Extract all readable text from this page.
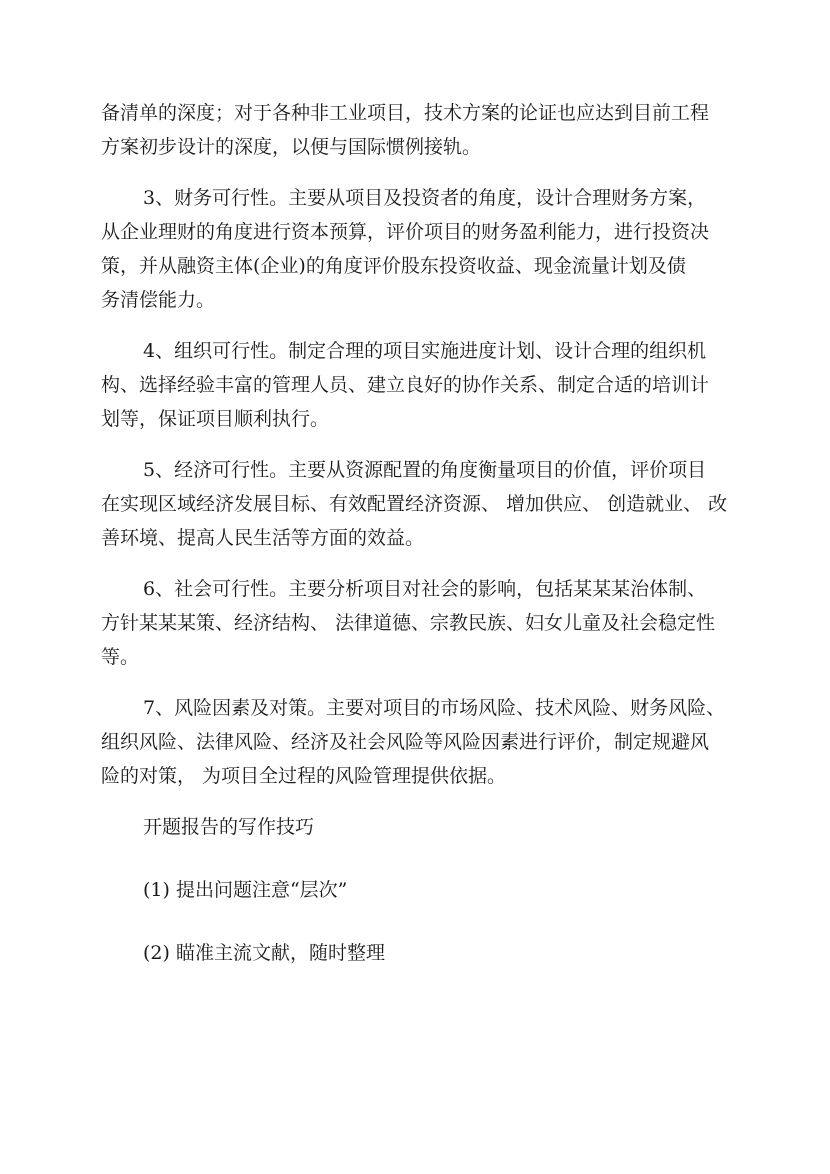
备清单的深度；对于各种非工业项目，技术方案的论证也应达到目前工程
方案初步设计的深度，以便与国际惯例接轨。
3、财务可行性。主要从项目及投资者的角度，设计合理财务方案，
从企业理财的角度进行资本预算，评价项目的财务盈利能力，进行投资决
策，并从融资主体(企业)的角度评价股东投资收益、现金流量计划及债
务清偿能力。
4、组织可行性。制定合理的项目实施进度计划、设计合理的组织机
构、选择经验丰富的管理人员、建立良好的协作关系、制定合适的培训计
划等，保证项目顺利执行。
5、经济可行性。主要从资源配置的角度衡量项目的价值，评价项目
在实现区域经济发展目标、有效配置经济资源、 增加供应、 创造就业、 改
善环境、提高人民生活等方面的效益。
6、社会可行性。主要分析项目对社会的影响，包括某某某治体制、
方针某某某策、经济结构、 法律道德、宗教民族、妇女儿童及社会稳定性
等。
7、风险因素及对策。主要对项目的市场风险、技术风险、财务风险、
组织风险、法律风险、经济及社会风险等风险因素进行评价，制定规避风
险的对策， 为项目全过程的风险管理提供依据。
开题报告的写作技巧
(1) 提出问题注意“层次”
(2) 瞄准主流文献，随时整理
